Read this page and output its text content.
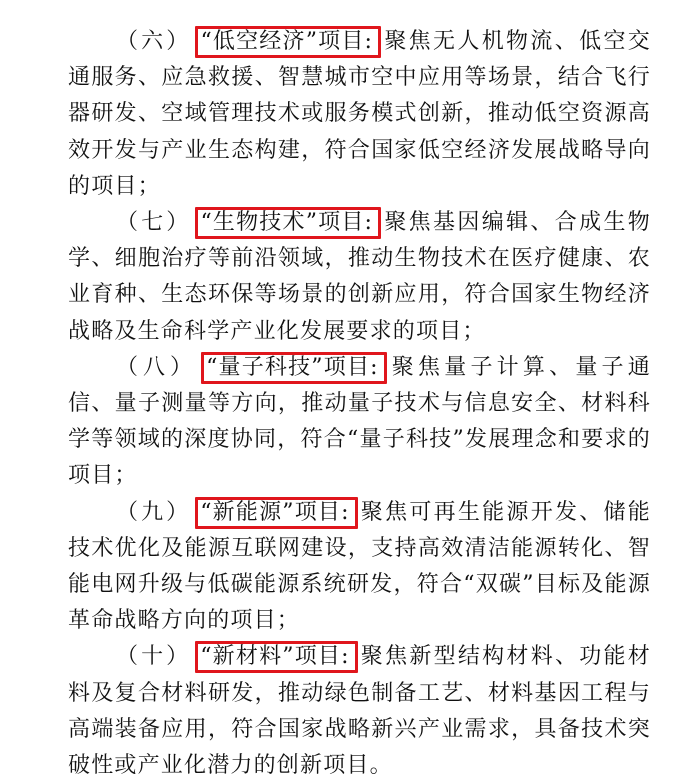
（六） “低空经济”项目: 聚焦无人机物流、低空交通服务、应急救援、智慧城市空中应用等场景，结合飞行器研发、空域管理技术或服务模式创新，推动低空资源高效开发与产业生态构建，符合国家低空经济发展战略导向的项目；

（七） “生物技术”项目: 聚焦基因编辑、合成生物学、细胞治疗等前沿领域，推动生物技术在医疗健康、农业育种、生态环保等场景的创新应用，符合国家生物经济战略及生命科学产业化发展要求的项目；

（八） “量子科技”项目: 聚焦量子计算、量子通信、量子测量等方向，推动量子技术与信息安全、材料科学等领域的深度协同，符合“量子科技”发展理念和要求的项目；

（九） “新能源”项目: 聚焦可再生能源开发、储能技术优化及能源互联网建设，支持高效清洁能源转化、智能电网升级与低碳能源系统研发，符合“双碳”目标及能源革命战略方向的项目；

（十） “新材料”项目: 聚焦新型结构材料、功能材料及复合材料研发，推动绿色制备工艺、材料基因工程与高端装备应用，符合国家战略新兴产业需求，具备技术突破性或产业化潜力的创新项目。
